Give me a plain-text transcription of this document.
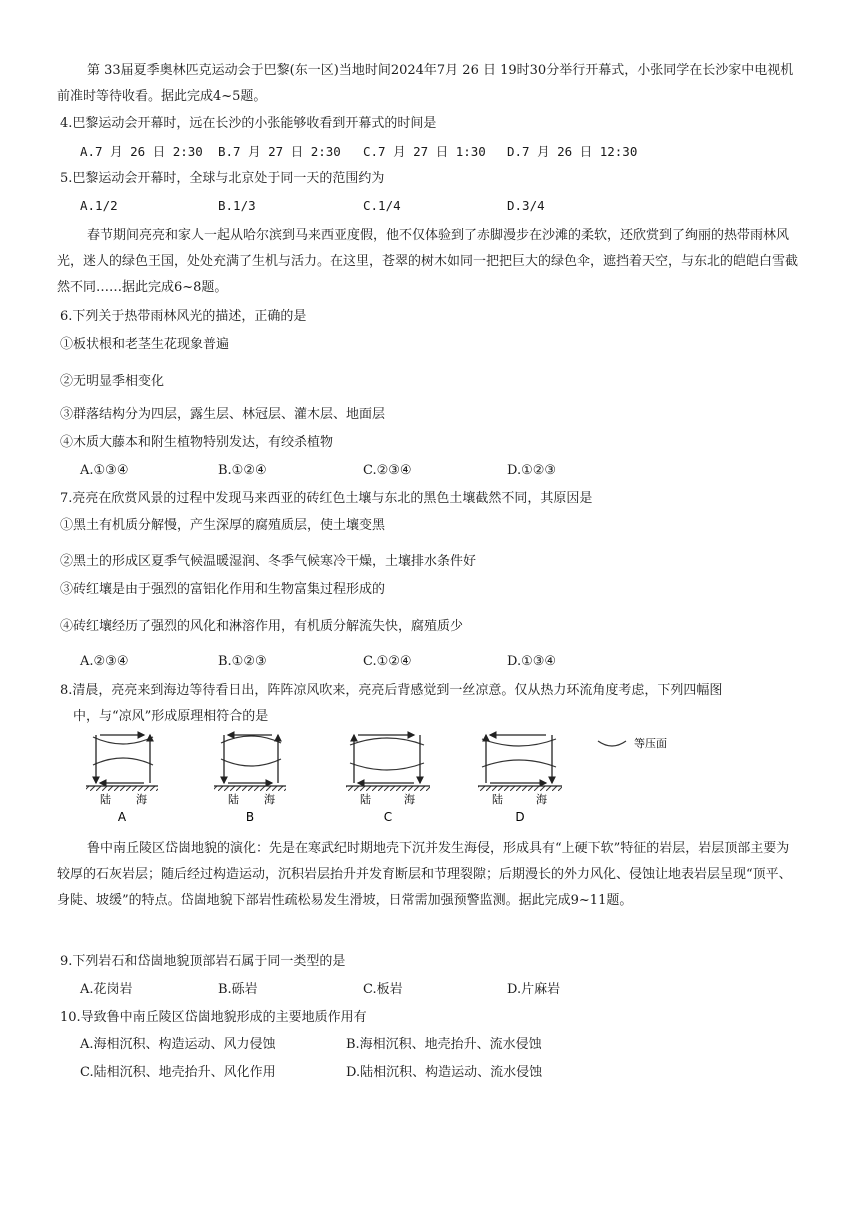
第 33届夏季奥林匹克运动会于巴黎(东一区)当地时间2024年7月 26 日 19时30分举行开幕式，小张同学在长沙家中电视机前准时等待收看。据此完成4~5题。
4.巴黎运动会开幕时，远在长沙的小张能够收看到开幕式的时间是
A.7 月 26 日 2:30 B.7 月 27 日 2:30 C.7 月 27 日 1:30 D.7 月 26 日 12:30
5.巴黎运动会开幕时，全球与北京处于同一天的范围约为
A.1/2	B.1/3	C.1/4	D.3/4
春节期间亮亮和家人一起从哈尔滨到马来西亚度假，他不仅体验到了赤脚漫步在沙滩的柔软，还欣赏到了绚丽的热带雨林风光，迷人的绿色王国，处处充满了生机与活力。在这里，苍翠的树木如同一把把巨大的绿色伞，遮挡着天空，与东北的皑皑白雪截然不同……据此完成6~8题。
6.下列关于热带雨林风光的描述，正确的是
①板状根和老茎生花现象普遍
②无明显季相变化
③群落结构分为四层，露生层、林冠层、灌木层、地面层
④木质大藤本和附生植物特别发达，有绞杀植物
A.①③④	B.①②④	C.②③④	D.①②③
7.亮亮在欣赏风景的过程中发现马来西亚的砖红色土壤与东北的黑色土壤截然不同，其原因是
①黑土有机质分解慢，产生深厚的腐殖质层，使土壤变黑
②黑土的形成区夏季气候温暖湿润、冬季气候寒冷干燥，土壤排水条件好
③砖红壤是由于强烈的富铝化作用和生物富集过程形成的
④砖红壤经历了强烈的风化和淋溶作用，有机质分解流失快，腐殖质少
A.②③④	B.①②③	C.①②④	D.①③④
8.清晨，亮亮来到海边等待看日出，阵阵凉风吹来，亮亮后背感觉到一丝凉意。仅从热力环流角度考虑，下列四幅图
中，与“凉风”形成原理相符合的是
陆 海
A
陆 海
B
陆	海
C
陆	海
D
等压面
鲁中南丘陵区岱崮地貌的演化：先是在寒武纪时期地壳下沉并发生海侵，形成具有“上硬下软”特征的岩层，岩层顶部主要为较厚的石灰岩层；随后经过构造运动，沉积岩层抬升并发育断层和节理裂隙；后期漫长的外力风化、侵蚀让地表岩层呈现“顶平、身陡、坡缓”的特点。岱崮地貌下部岩性疏松易发生滑坡，日常需加强预警监测。据此完成9~11题。
9.下列岩石和岱崮地貌顶部岩石属于同一类型的是
A.花岗岩	B.砾岩	C.板岩	D.片麻岩
10.导致鲁中南丘陵区岱崮地貌形成的主要地质作用有
A.海相沉积、构造运动、风力侵蚀	B.海相沉积、地壳抬升、流水侵蚀
C.陆相沉积、地壳抬升、风化作用	D.陆相沉积、构造运动、流水侵蚀
